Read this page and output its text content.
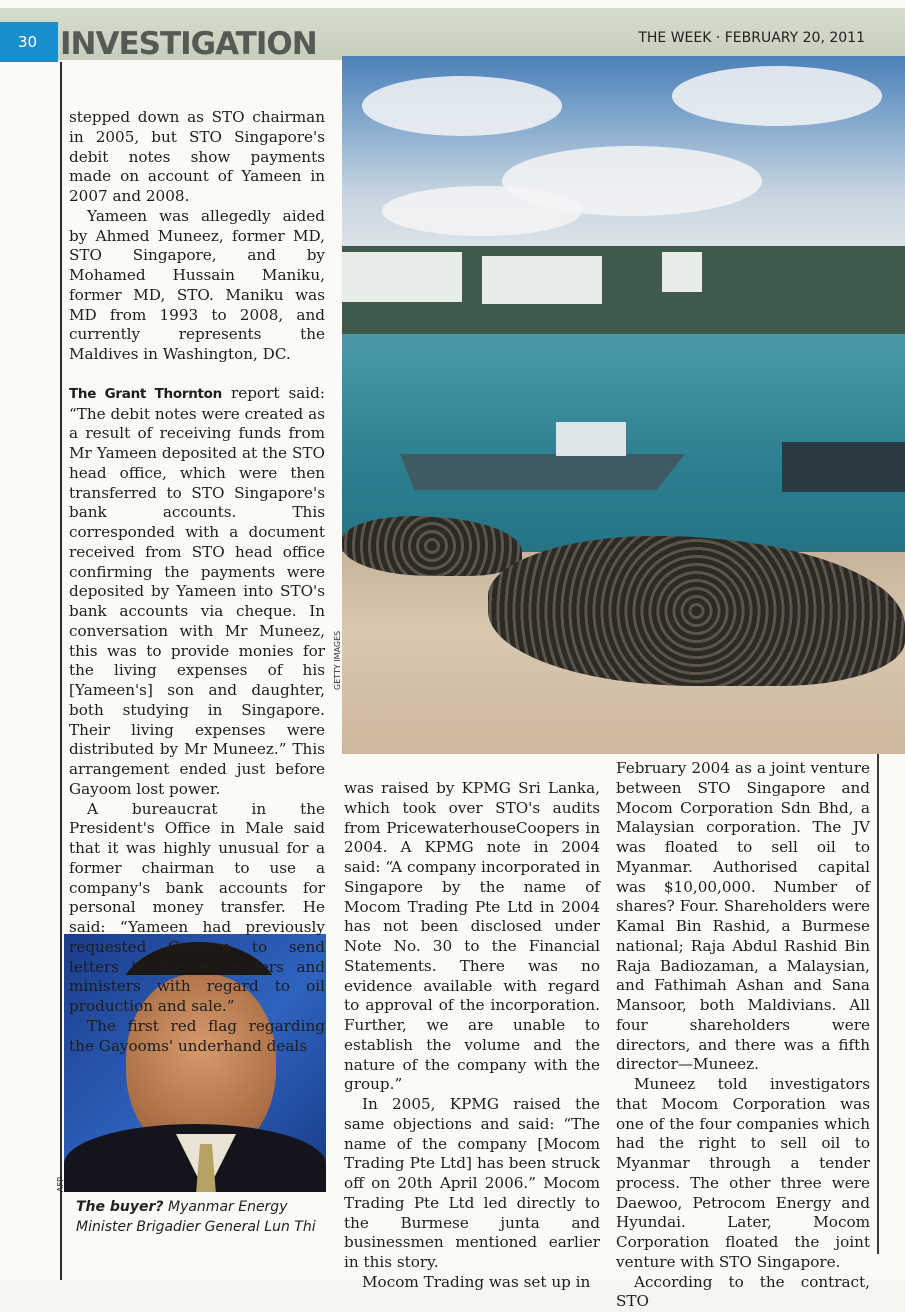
30 INVESTIGATION	THE WEEK · FEBRUARY 20, 2011
GETTY IMAGES
AFP
The buyer? Myanmar Energy Minister Brigadier General Lun Thi

stepped down as STO chairman in 2005, but STO Singapore's debit notes show payments made on account of Yameen in 2007 and 2008.

Yameen was allegedly aided by Ahmed Muneez, former MD, STO Singapore, and by Mohamed Hussain Maniku, former MD, STO. Maniku was MD from 1993 to 2008, and currently represents the Maldives in Washington, DC.

The Grant Thornton report said: “The debit notes were created as a result of receiving funds from Mr Yameen deposited at the STO head office, which were then transferred to STO Singapore's bank accounts. This corresponded with a document received from STO head office confirming the payments were deposited by Yameen into STO's bank accounts via cheque. In conversation with Mr Muneez, this was to provide monies for the living expenses of his [Yameen's] son and daughter, both studying in Singapore. Their living expenses were distributed by Mr Muneez.” This arrangement ended just before Gayoom lost power.

A bureaucrat in the President's Office in Male said that it was highly unusual for a former chairman to use a company's bank accounts for personal money transfer. He said: “Yameen had previously requested Gayoom to send letters to foreign leaders and ministers with regard to oil production and sale.”

The first red flag regarding the Gayooms' underhand deals

was raised by KPMG Sri Lanka, which took over STO's audits from PricewaterhouseCoopers in 2004. A KPMG note in 2004 said: “A company incorporated in Singapore by the name of Mocom Trading Pte Ltd in 2004 has not been disclosed under Note No. 30 to the Financial Statements. There was no evidence available with regard to approval of the incorporation. Further, we are unable to establish the volume and the nature of the company with the group.”

In 2005, KPMG raised the same objections and said: “The name of the company [Mocom Trading Pte Ltd] has been struck off on 20th April 2006.” Mocom Trading Pte Ltd led directly to the Burmese junta and businessmen mentioned earlier in this story.

Mocom Trading was set up in

February 2004 as a joint venture between STO Singapore and Mocom Corporation Sdn Bhd, a Malaysian corporation. The JV was floated to sell oil to Myanmar. Authorised capital was $10,00,000. Number of shares? Four. Shareholders were Kamal Bin Rashid, a Burmese national; Raja Abdul Rashid Bin Raja Badiozaman, a Malaysian, and Fathimah Ashan and Sana Mansoor, both Maldivians. All four shareholders were directors, and there was a fifth director—Muneez.

Muneez told investigators that Mocom Corporation was one of the four companies which had the right to sell oil to Myanmar through a tender process. The other three were Daewoo, Petrocom Energy and Hyundai. Later, Mocom Corporation floated the joint venture with STO Singapore.

According to the contract, STO
